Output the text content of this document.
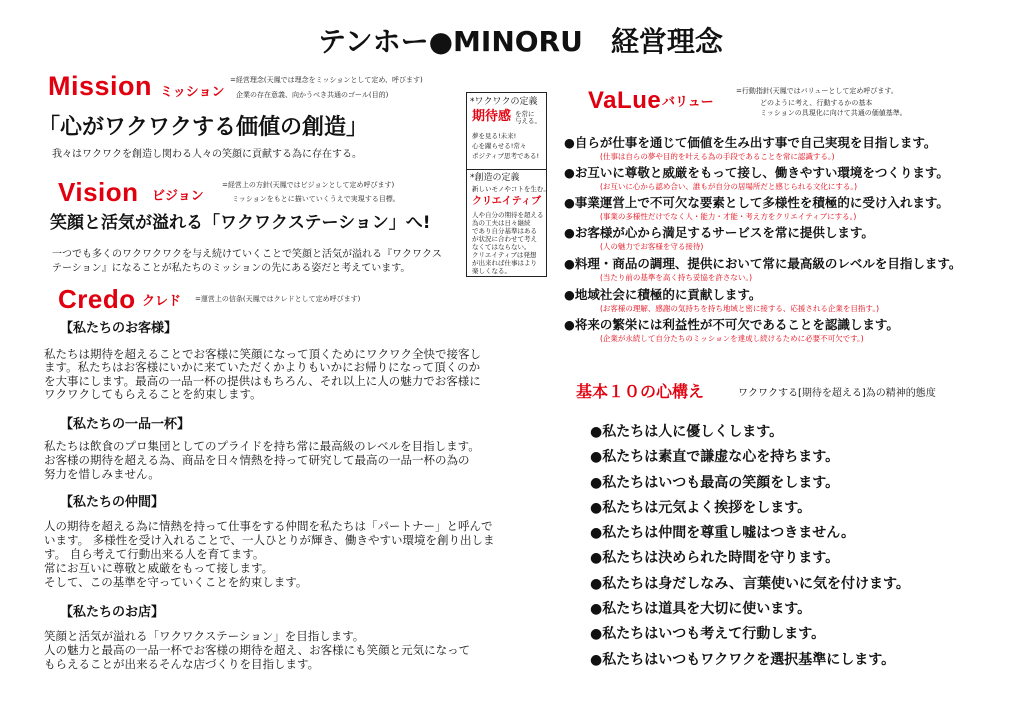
テンホー●MINORU　経営理念
Mission ミッション
=経営理念(天鳳では理念をミッションとして定め、呼びます)
企業の存在意義、向かうべき共通のゴール(目的)
「心がワクワクする価値の創造」
我々はワクワクを創造し関わる人々の笑顔に貢献する為に存在する。
Vision ビジョン
=経営上の方針(天鳳ではビジョンとして定め呼びます)
ミッションをもとに描いていくうえで実現する目標。
笑顔と活気が溢れる「ワクワクステーション」へ!
一つでも多くのワクワクワクを与え続けていくことで笑顔と活気が溢れる『ワクワクス
テーション』になることが私たちのミッションの先にある姿だと考えています。
Credo クレド =運営上の信条(天鳳ではクレドとして定め呼びます)
【私たちのお客様】
私たちは期待を超えることでお客様に笑顔になって頂くためにワクワク全快で接客し
ます。私たちはお客様にいかに来ていただくかよりもいかにお帰りになって頂くのか
を大事にします。最高の一品一杯の提供はもちろん、それ以上に人の魅力でお客様に
ワクワクしてもらえることを約束します。
【私たちの一品一杯】
私たちは飲食のプロ集団としてのプライドを持ち常に最高級のレベルを目指します。
お客様の期待を超える為、商品を日々情熱を持って研究して最高の一品一杯の為の
努力を惜しみません。
【私たちの仲間】
人の期待を超える為に情熱を持って仕事をする仲間を私たちは「パートナー」と呼んで
います。 多様性を受け入れることで、一人ひとりが輝き、働きやすい環境を創り出しま
す。 自ら考えて行動出来る人を育てます。
常にお互いに尊敬と威厳をもって接します。
そして、この基準を守っていくことを約束します。
【私たちのお店】
笑顔と活気が溢れる「ワクワクステーション」を目指します。
人の魅力と最高の一品一杯でお客様の期待を超え、お客様にも笑顔と元気になって
もらえることが出来るそんな店づくりを目指します。
*ワクワクの定義
期待感 を常に
与える。
夢を見る!未来!
心を躍らせる!常々
ポジティブ思考である!
*創造の定義
新しいモノやコトを生む。
クリエイティブ
人や自分の期待を超える
為の工夫は日々継続
であり自分基準はある
が状況に合わせて考え
なくてはならない。
クリエイティブは発想
が出来れば仕事はより
楽しくなる。
VaLue バリュー
=行動指針(天鳳ではバリューとして定め呼びます。
どのように考え、行動するかの基本
ミッションの具現化に向けて共通の価値基準。
●自らが仕事を通じて価値を生み出す事で自己実現を目指します。
(仕事は自らの夢や目的を叶える為の手段であることを常に認識する。)
●お互いに尊敬と威厳をもって接し、働きやすい環境をつくります。
(お互いに心から認め合い、誰もが自分の居場所だと感じられる文化にする。)
●事業運営上で不可欠な要素として多様性を積極的に受け入れます。
(事業の多様性だけでなく人・能力・才能・考え方をクリエイティブにする。)
●お客様が心から満足するサービスを常に提供します。
(人の魅力でお客様を守る接待)
●料理・商品の調理、提供において常に最高級のレベルを目指します。
(当たり前の基準を高く持ち妥協を許さない。)
●地域社会に積極的に貢献します。
(お客様の理解、感謝の気持ちを持ち地域と密に接する、応援される企業を目指す。)
●将来の繁栄には利益性が不可欠であることを認識します。
(企業が永続して自分たちのミッションを達成し続けるために必要不可欠です。)
基本１０の心構え	ワクワクする[期待を超える]為の精神的態度
●私たちは人に優しくします。
●私たちは素直で謙虚な心を持ちます。
●私たちはいつも最高の笑顔をします。
●私たちは元気よく挨拶をします。
●私たちは仲間を尊重し嘘はつきません。
●私たちは決められた時間を守ります。
●私たちは身だしなみ、言葉使いに気を付けます。
●私たちは道具を大切に使います。
●私たちはいつも考えて行動します。
●私たちはいつもワクワクを選択基準にします。
